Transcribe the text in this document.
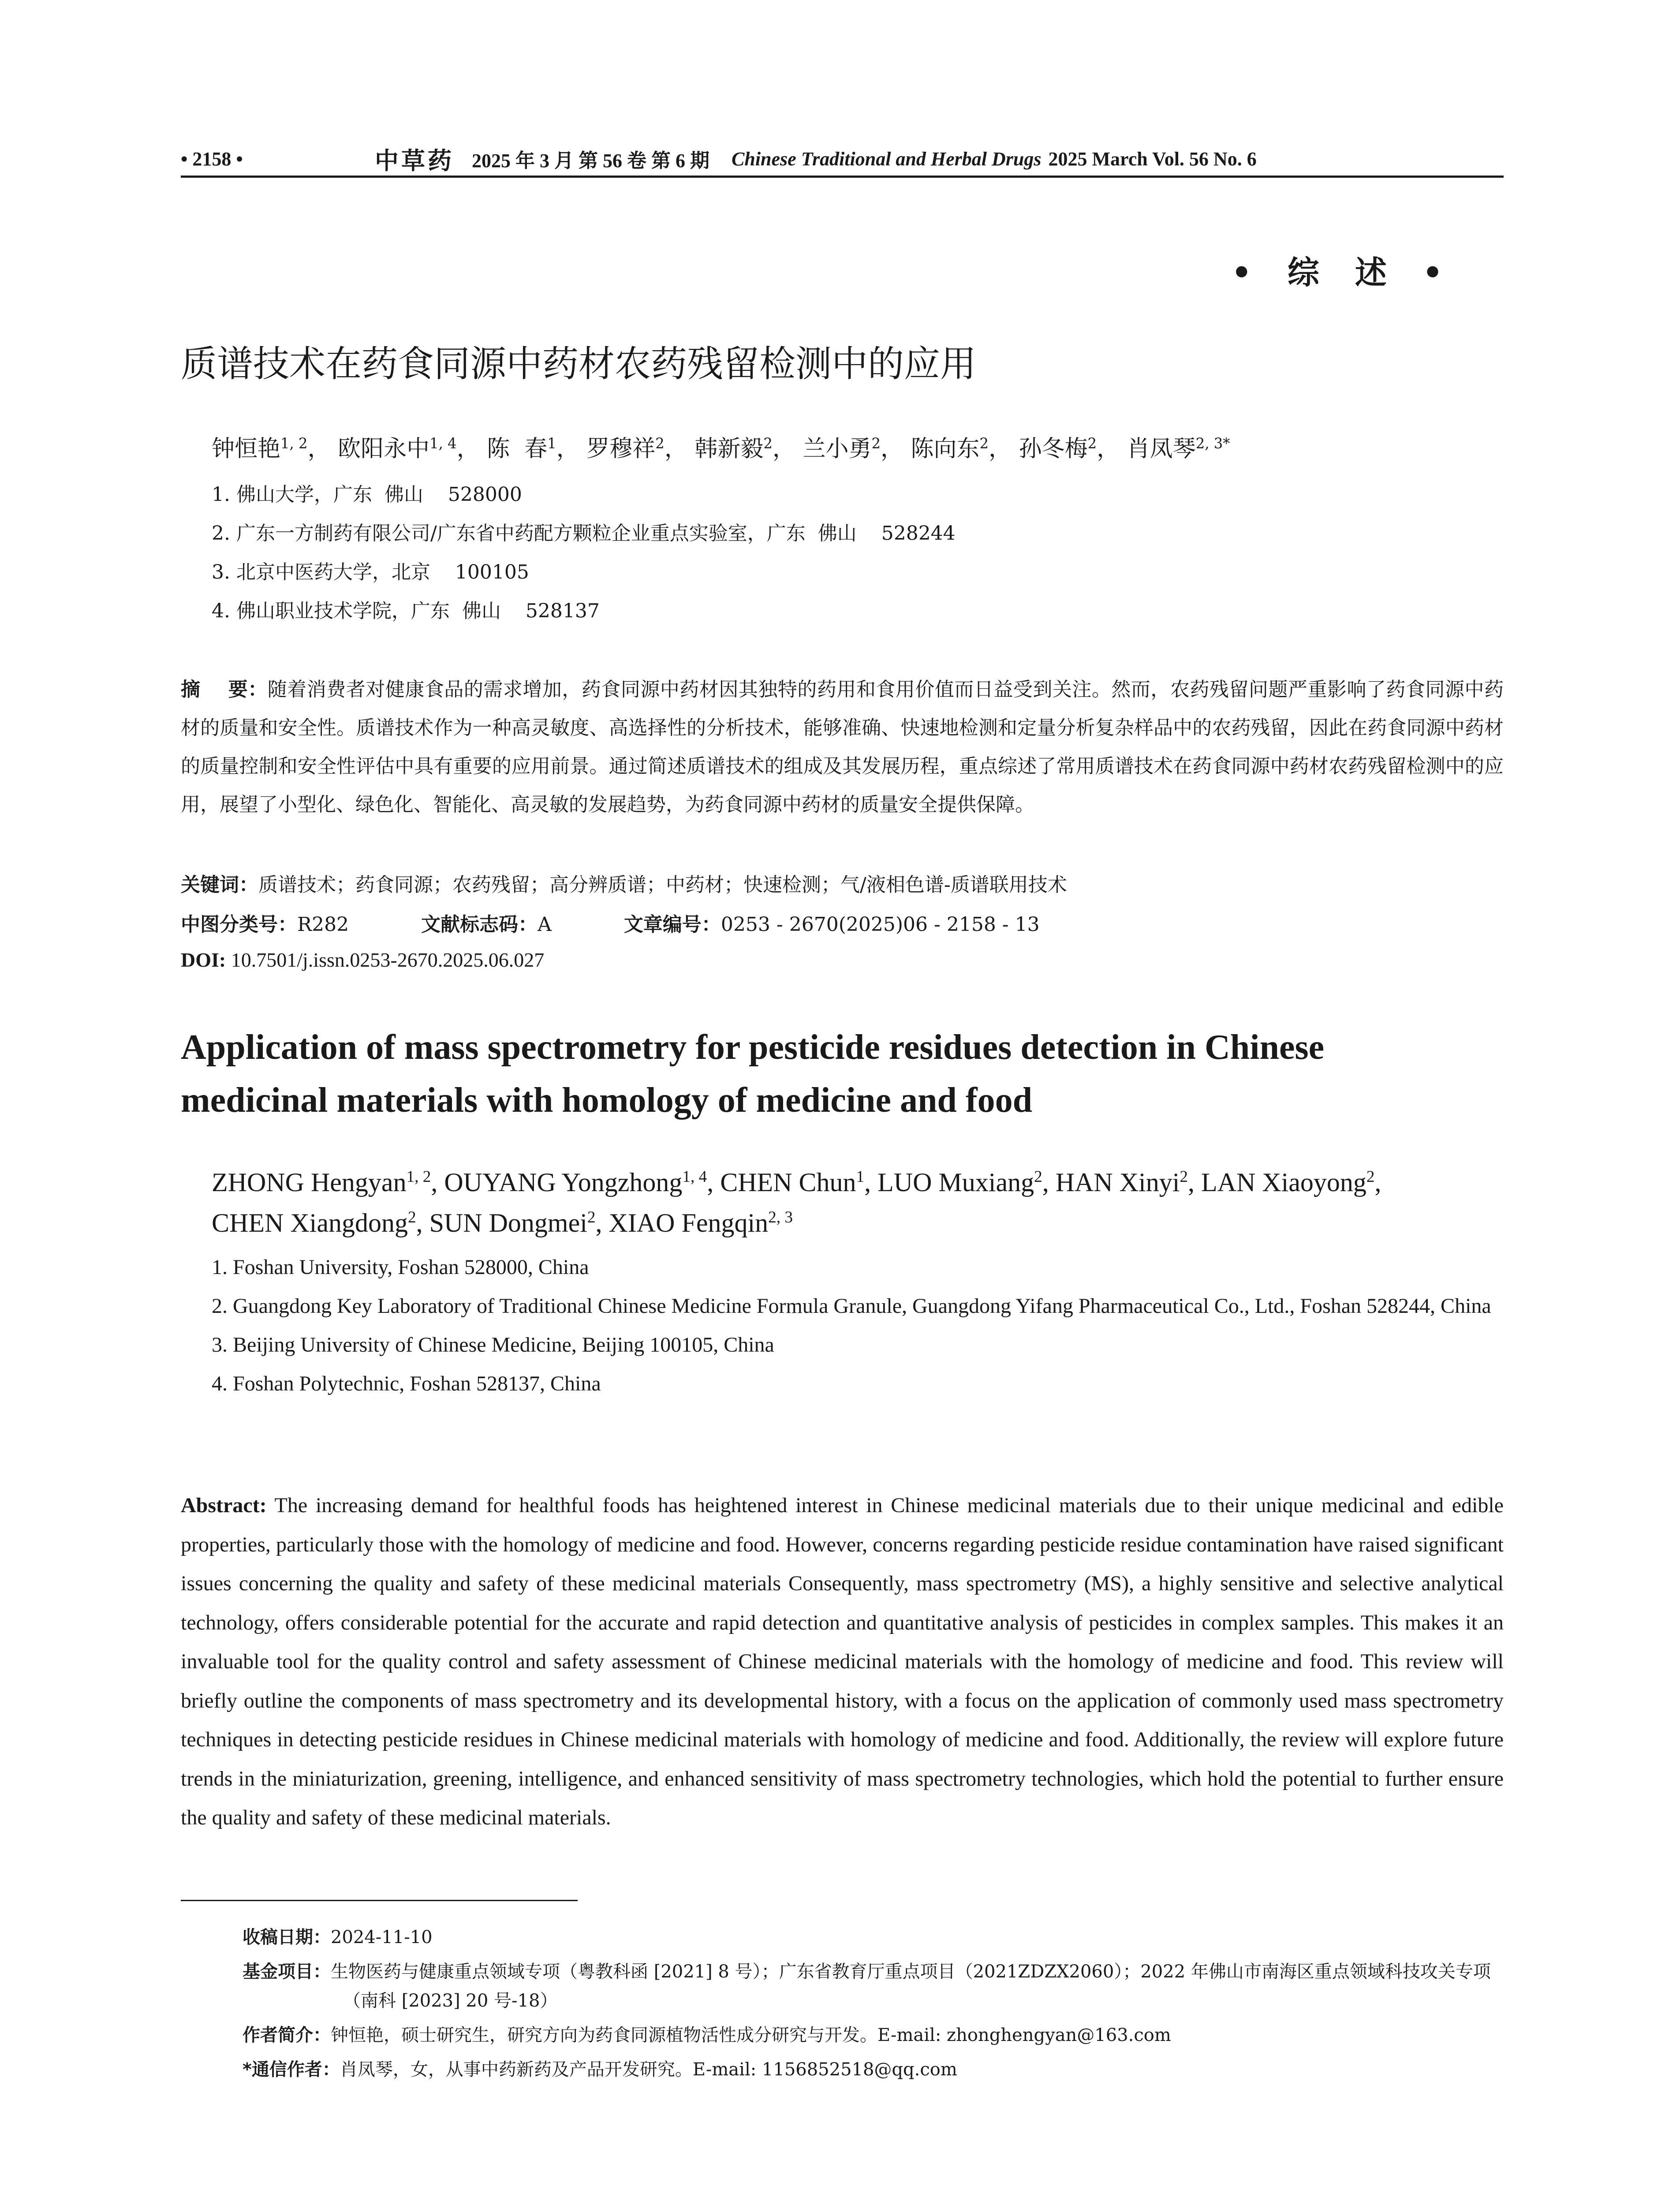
• 2158 •	中草药 2025 年 3 月 第 56 卷 第 6 期 Chinese Traditional and Herbal Drugs 2025 March Vol. 56 No. 6
• 综 述 •
质谱技术在药食同源中药材农药残留检测中的应用
钟恒艳$^{1, 2}$， 欧阳永中$^{1, 4}$， 陈  春$^1$， 罗穆祥$^2$， 韩新毅$^2$， 兰小勇$^2$， 陈向东$^2$， 孙冬梅$^2$， 肖凤琴$^{2, 3*}$
1. 佛山大学，广东  佛山    528000
2. 广东一方制药有限公司/广东省中药配方颗粒企业重点实验室，广东  佛山    528244
3. 北京中医药大学，北京    100105
4. 佛山职业技术学院，广东  佛山    528137
摘    要：随着消费者对健康食品的需求增加，药食同源中药材因其独特的药用和食用价值而日益受到关注。然而，农药残留问题严重影响了药食同源中药材的质量和安全性。质谱技术作为一种高灵敏度、高选择性的分析技术，能够准确、快速地检测和定量分析复杂样品中的农药残留，因此在药食同源中药材的质量控制和安全性评估中具有重要的应用前景。通过简述质谱技术的组成及其发展历程，重点综述了常用质谱技术在药食同源中药材农药残留检测中的应用，展望了小型化、绿色化、智能化、高灵敏的发展趋势，为药食同源中药材的质量安全提供保障。
关键词：质谱技术；药食同源；农药残留；高分辨质谱；中药材；快速检测；气/液相色谱-质谱联用技术
中图分类号：R282	文献标志码：A	文章编号：0253 - 2670(2025)06 - 2158 - 13
DOI: 10.7501/j.issn.0253-2670.2025.06.027
Application of mass spectrometry for pesticide residues detection in Chinese
medicinal materials with homology of medicine and food
ZHONG Hengyan$^{1, 2}$, OUYANG Yongzhong$^{1, 4}$, CHEN Chun$^1$, LUO Muxiang$^2$, HAN Xinyi$^2$, LAN Xiaoyong$^2$,
CHEN Xiangdong$^2$, SUN Dongmei$^2$, XIAO Fengqin$^{2, 3}$
1. Foshan University, Foshan 528000, China
2. Guangdong Key Laboratory of Traditional Chinese Medicine Formula Granule, Guangdong Yifang Pharmaceutical Co., Ltd., Foshan 528244, China
3. Beijing University of Chinese Medicine, Beijing 100105, China
4. Foshan Polytechnic, Foshan 528137, China
Abstract: The increasing demand for healthful foods has heightened interest in Chinese medicinal materials due to their unique medicinal and edible properties, particularly those with the homology of medicine and food. However, concerns regarding pesticide residue contamination have raised significant issues concerning the quality and safety of these medicinal materials Consequently, mass spectrometry (MS), a highly sensitive and selective analytical technology, offers considerable potential for the accurate and rapid detection and quantitative analysis of pesticides in complex samples. This makes it an invaluable tool for the quality control and safety assessment of Chinese medicinal materials with the homology of medicine and food. This review will briefly outline the components of mass spectrometry and its developmental history, with a focus on the application of commonly used mass spectrometry techniques in detecting pesticide residues in Chinese medicinal materials with homology of medicine and food. Additionally, the review will explore future trends in the miniaturization, greening, intelligence, and enhanced sensitivity of mass spectrometry technologies, which hold the potential to further ensure the quality and safety of these medicinal materials.
收稿日期：2024-11-10
基金项目：生物医药与健康重点领域专项（粤教科函 [2021] 8 号）；广东省教育厅重点项目（2021ZDZX2060）；2022 年佛山市南海区重点领域科技攻关专项（南科 [2023] 20 号-18）
作者简介：钟恒艳，硕士研究生，研究方向为药食同源植物活性成分研究与开发。E-mail: zhonghengyan@163.com
*通信作者：肖凤琴，女，从事中药新药及产品开发研究。E-mail: 1156852518@qq.com
